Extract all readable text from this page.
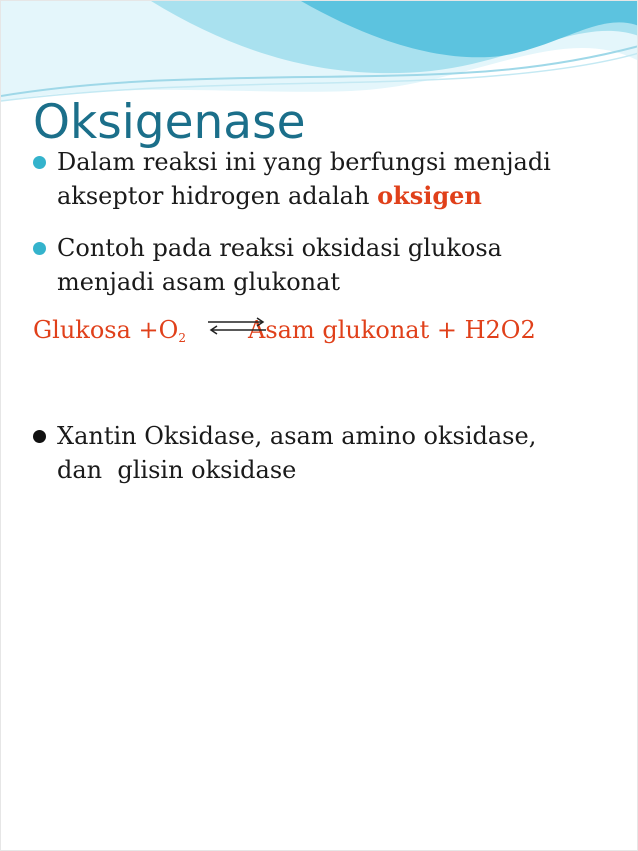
Oksigenase
Dalam reaksi ini yang berfungsi menjadi
akseptor hidrogen adalah oksigen
Contoh pada reaksi oksidasi glukosa
menjadi asam glukonat
Glukosa $+O_2$	Asam glukonat + H2O2
Xantin Oksidase, asam amino oksidase,
dan  glisin oksidase
